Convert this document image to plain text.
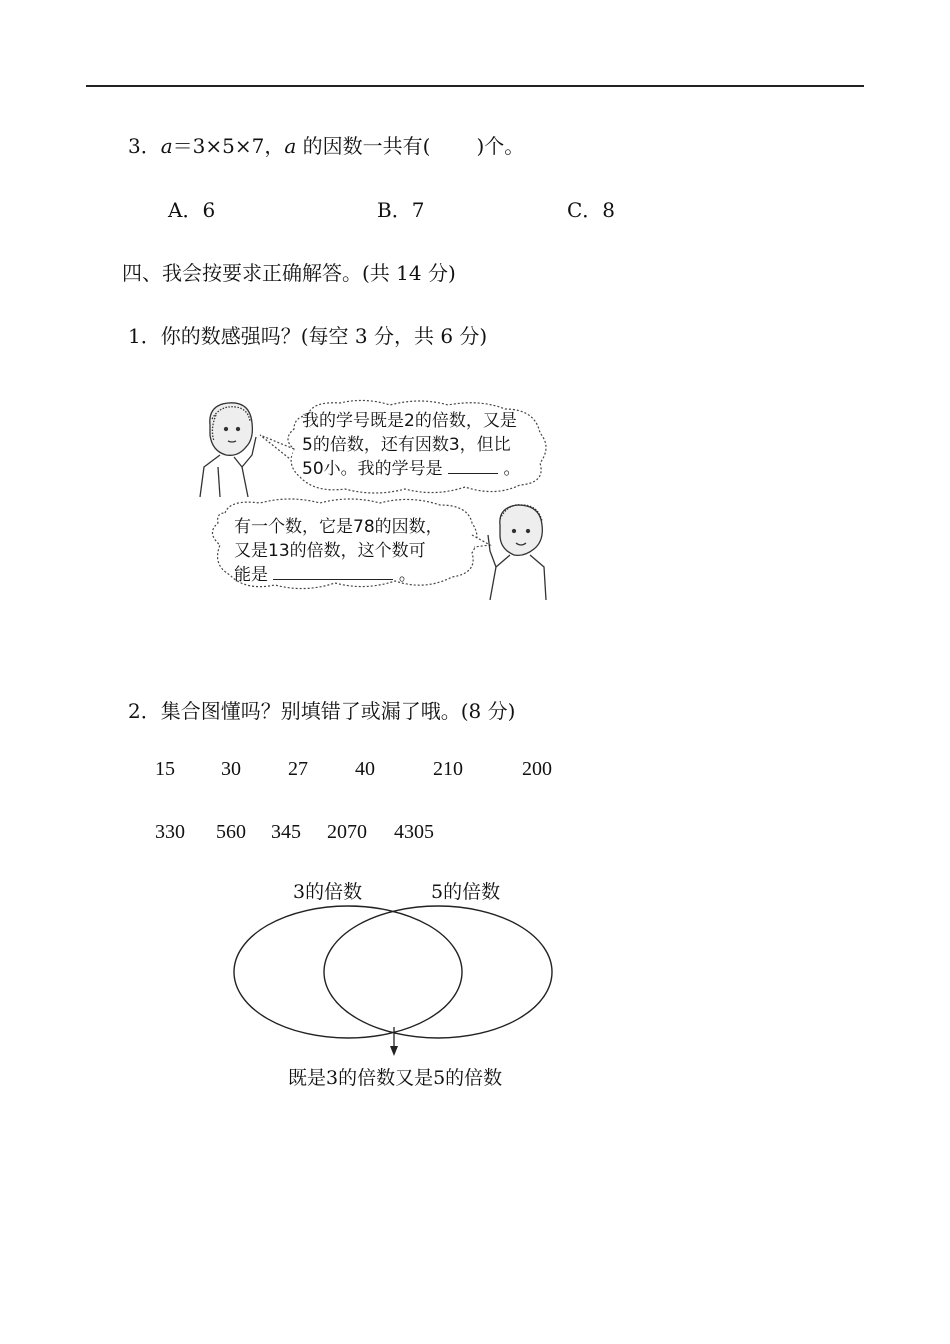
3．a＝3×5×7，a 的因数一共有( )个。
A．6	B．7	C．8
四、我会按要求正确解答。(共 14 分)
1．你的数感强吗？(每空 3 分，共 6 分)
我的学号既是2的倍数，又是
5的倍数，还有因数3，但比
50小。我的学号是	。
有一个数，它是78的因数，
又是13的倍数，这个数可
能是	。
2．集合图懂吗？别填错了或漏了哦。(8 分)
15 30 27 40	210	200
330 560 345 2070 4305
3的倍数	5的倍数
既是3的倍数又是5的倍数
